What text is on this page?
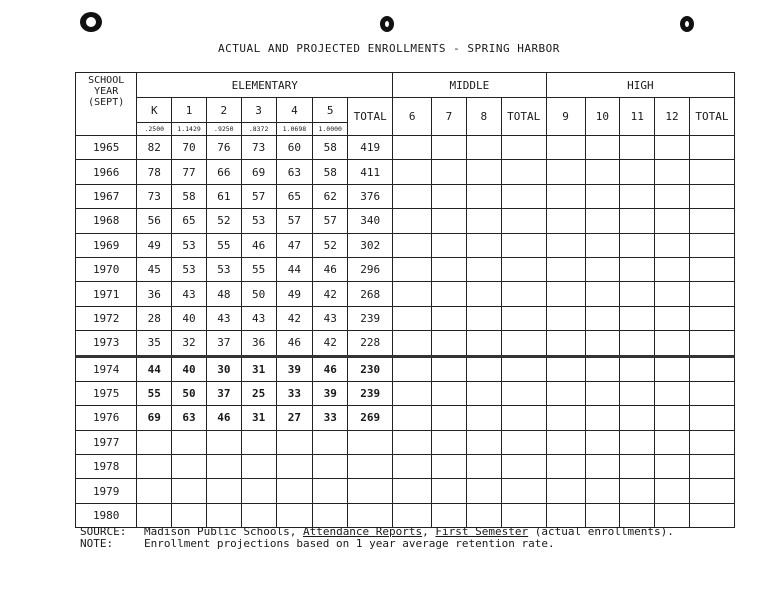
ACTUAL AND PROJECTED ENROLLMENTS - SPRING HARBOR
SCHOOL
YEAR
(SEPT)	ELEMENTARY							MIDDLE				HIGH				
	K	1	2	3	4	5	TOTAL	6	7	8	TOTAL	9	10	11	12	TOTAL
	.2500	1.1429	.9250	.8372	1.0698	1.0000										
1965	82	70	76	73	60	58	419									
1966	78	77	66	69	63	58	411									
1967	73	58	61	57	65	62	376									
1968	56	65	52	53	57	57	340									
1969	49	53	55	46	47	52	302									
1970	45	53	53	55	44	46	296									
1971	36	43	48	50	49	42	268									
1972	28	40	43	43	42	43	239									
1973	35	32	37	36	46	42	228									
1974	44	40	30	31	39	46	230									
1975	55	50	37	25	33	39	239									
1976	69	63	46	31	27	33	269									
1977																
1978																
1979																
1980																
SOURCE: Madison Public Schools, Attendance Reports, First Semester (actual enrollments).
NOTE:	Enrollment projections based on 1 year average retention rate.
